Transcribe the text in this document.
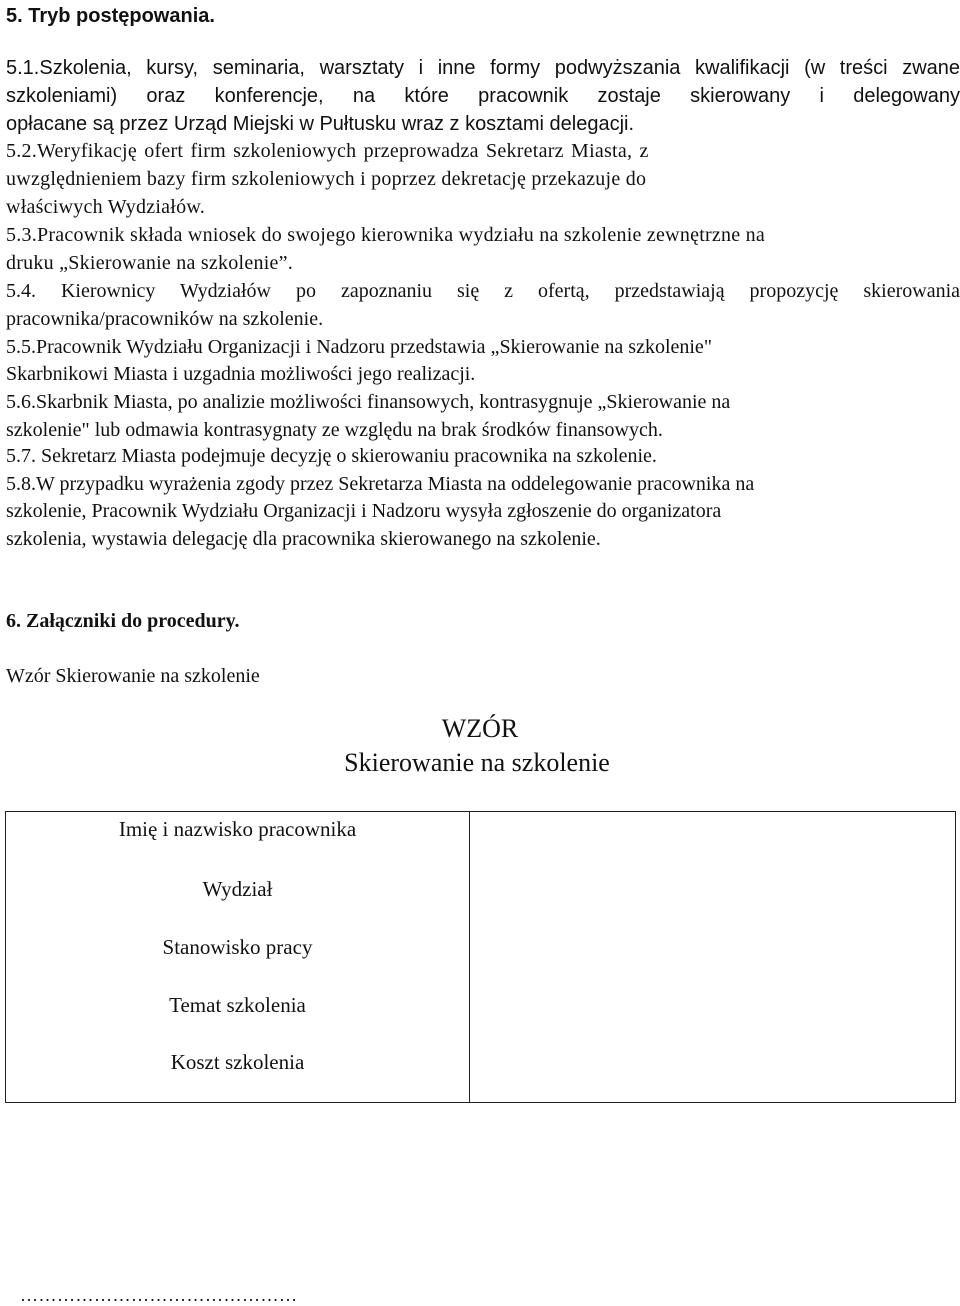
5. Tryb postępowania.
5.1.Szkolenia, kursy, seminaria, warsztaty i inne formy podwyższania kwalifikacji (w treści zwane
szkoleniami) oraz konferencje, na które pracownik zostaje skierowany i delegowany
opłacane są przez Urząd Miejski w Pułtusku wraz z kosztami delegacji.
5.2.Weryfikację ofert firm szkoleniowych przeprowadza Sekretarz Miasta, z
uwzględnieniem bazy firm szkoleniowych i poprzez dekretację przekazuje do
właściwych Wydziałów.
5.3.Pracownik składa wniosek do swojego kierownika wydziału na szkolenie zewnętrzne na
druku „Skierowanie na szkolenie”.
5.4. Kierownicy Wydziałów po zapoznaniu się z ofertą, przedstawiają propozycję skierowania
pracownika/pracowników na szkolenie.
5.5.Pracownik Wydziału Organizacji i Nadzoru przedstawia „Skierowanie na szkolenie"
Skarbnikowi Miasta i uzgadnia możliwości jego realizacji.
5.6.Skarbnik Miasta, po analizie możliwości finansowych, kontrasygnuje „Skierowanie na
szkolenie" lub odmawia kontrasygnaty ze względu na brak środków finansowych.
5.7. Sekretarz Miasta podejmuje decyzję o skierowaniu pracownika na szkolenie.
5.8.W przypadku wyrażenia zgody przez Sekretarza Miasta na oddelegowanie pracownika na
szkolenie, Pracownik Wydziału Organizacji i Nadzoru wysyła zgłoszenie do organizatora
szkolenia, wystawia delegację dla pracownika skierowanego na szkolenie.
6. Załączniki do procedury.
Wzór Skierowanie na szkolenie
WZÓR
Skierowanie na szkolenie
Imię i nazwisko pracownika
Wydział
Stanowisko pracy
Temat szkolenia
Koszt szkolenia
………………………………………
